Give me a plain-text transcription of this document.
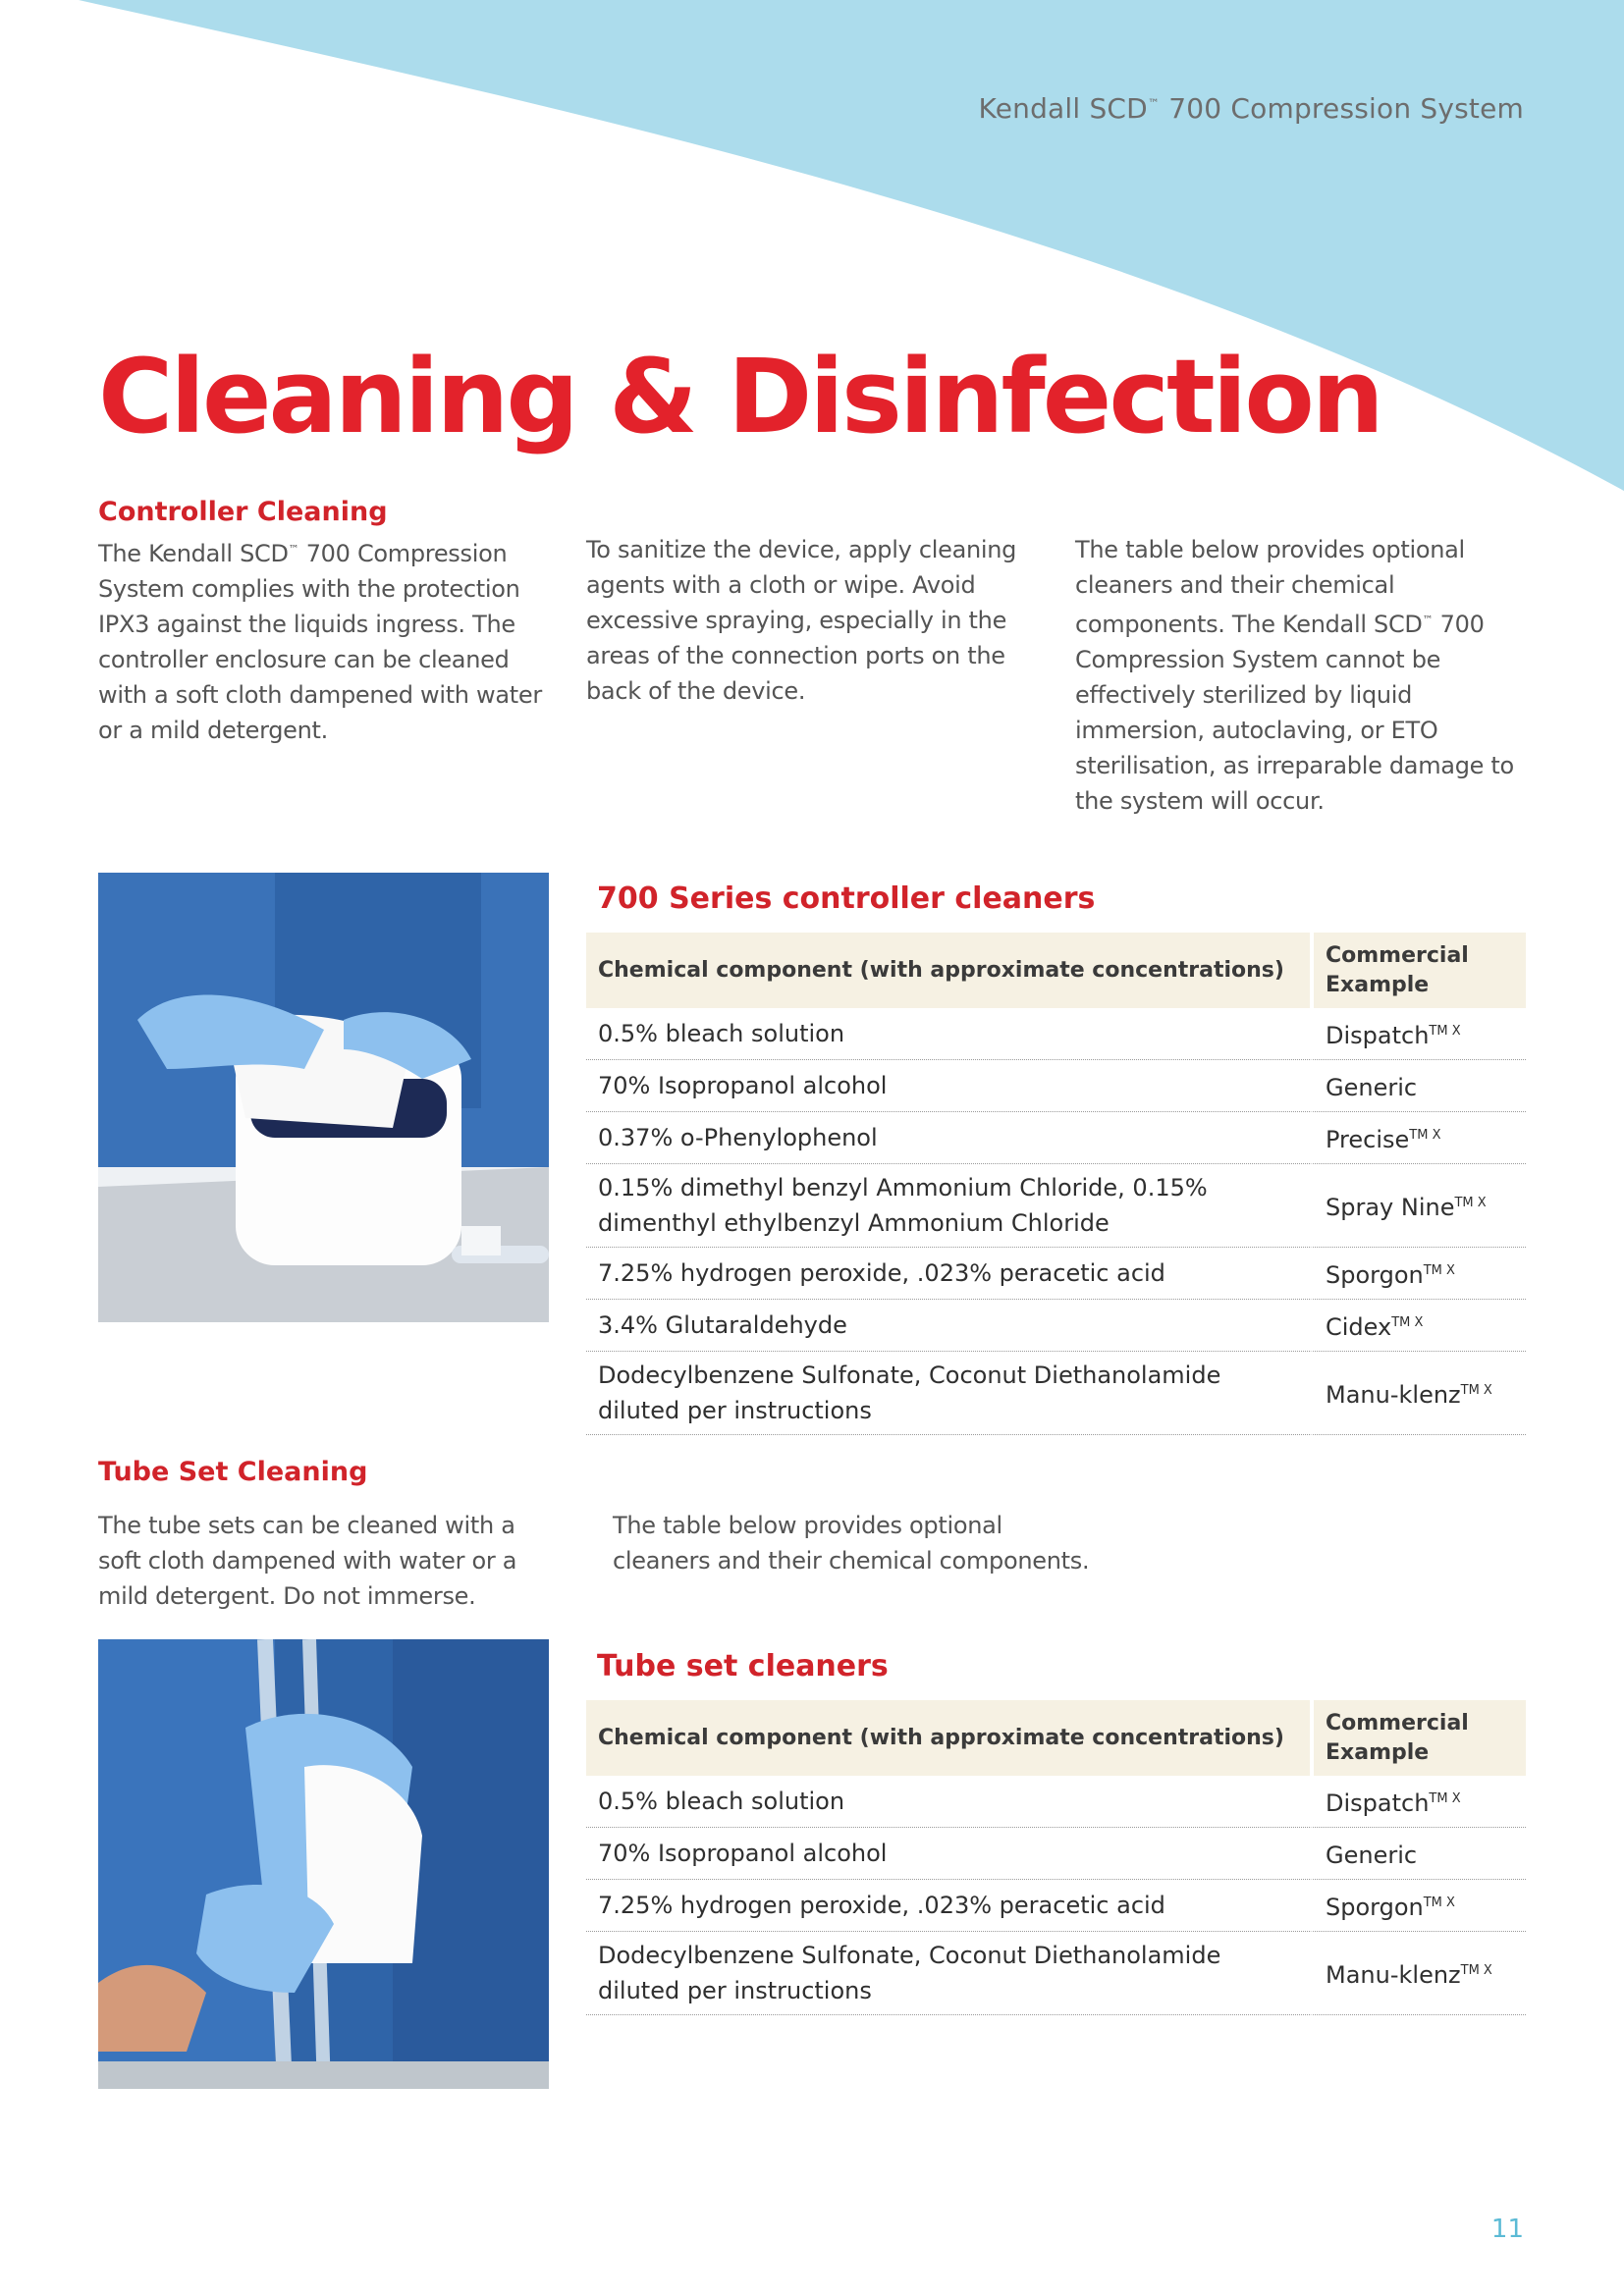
Kendall SCD™ 700 Compression System
Cleaning & Disinfection
Controller Cleaning

The Kendall SCD™ 700 Compression System complies with the protection IPX3 against the liquids ingress. The controller enclosure can be cleaned with a soft cloth dampened with water or a mild detergent.

To sanitize the device, apply cleaning agents with a cloth or wipe. Avoid excessive spraying, especially in the areas of the connection ports on the back of the device.

The table below provides optional cleaners and their chemical components. The Kendall SCD™ 700 Compression System cannot be effectively sterilized by liquid immersion, autoclaving, or ETO sterilisation, as irreparable damage to the system will occur.

700 Series controller cleaners
Chemical component (with approximate concentrations)	Commercial Example
0.5% bleach solution	Dispatch$^{TM X}$
70% Isopropanol alcohol	Generic
0.37% o-Phenylophenol	Precise$^{TM X}$
0.15% dimethyl benzyl Ammonium Chloride, 0.15% dimenthyl ethylbenzyl Ammonium Chloride	Spray Nine$^{TM X}$
7.25% hydrogen peroxide, .023% peracetic acid	Sporgon$^{TM X}$
3.4% Glutaraldehyde	Cidex$^{TM X}$
Dodecylbenzene Sulfonate, Coconut Diethanolamide diluted per instructions	Manu-klenz$^{TM X}$
Tube Set Cleaning

The tube sets can be cleaned with a soft cloth dampened with water or a mild detergent. Do not immerse.

The table below provides optional cleaners and their chemical components.

Tube set cleaners
Chemical component (with approximate concentrations)	Commercial Example
0.5% bleach solution	Dispatch$^{TM X}$
70% Isopropanol alcohol	Generic
7.25% hydrogen peroxide, .023% peracetic acid	Sporgon$^{TM X}$
Dodecylbenzene Sulfonate, Coconut Diethanolamide diluted per instructions	Manu-klenz$^{TM X}$
11
